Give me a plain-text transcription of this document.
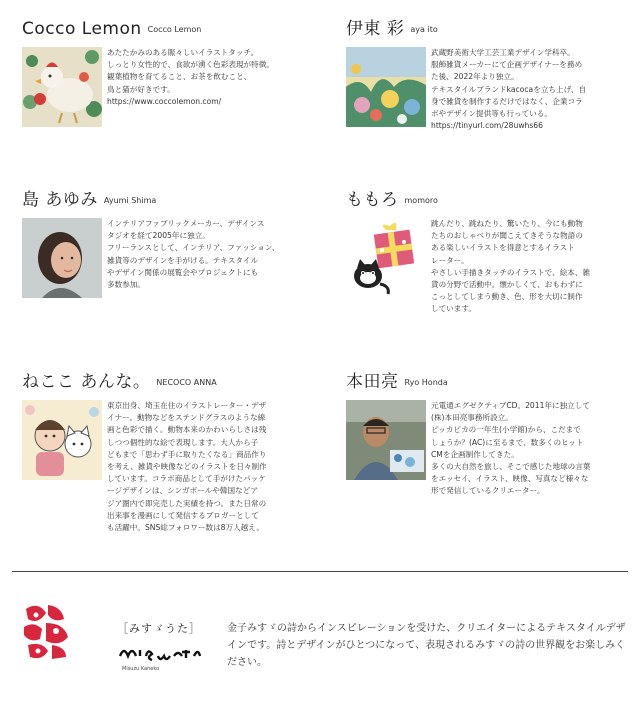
Cocco Lemon Cocco Lemon

あたたかみのある賑々しいイラストタッチ。

しっとり女性的で、食欲が湧く色彩表現が特徴。

観葉植物を育てること、お茶を飲むこと、

鳥と猫が好きです。

https://www.coccolemon.com/

伊東 彩 aya ito

武蔵野美術大学工芸工業デザイン学科卒。

服飾雑貨メーカーにて企画デザイナーを務め

た後、2022年より独立。

テキスタイルブランドkacocaを立ち上げ、自

身で雑貨を制作するだけではなく、企業コラ

ボやデザイン提供等も行っている。

https://tinyurl.com/28uwhs66

島 あゆみ Ayumi Shima

インテリアファブリックメーカー、デザインス

タジオを経て2005年に独立。

フリーランスとして、インテリア、ファッション、

雑貨等のデザインを手がける。テキスタイル

やデザイン関係の展覧会やプロジェクトにも

多数参加。

ももろ momoro

跳んだり、跳ねたり、驚いたり、今にも動物

たちのおしゃべりが聞こえてきそうな物語の

ある楽しいイラストを得意とするイラスト

レーター。

やさしい手描きタッチのイラストで、絵本、雑

貨の分野で活動中。懐かしくて、おもわずに

こっとしてしまう動き、色、形を大切に制作

しています。

ねここ あんな。 NECOCO ANNA

東京出身、埼玉在住のイラストレーター・デザ

イナー。動物などをステンドグラスのような線

画と色彩で描く。動物本来のかわいらしさは残

しつつ個性的な絵で表現します。大人から子

どもまで「思わず手に取りたくなる」商品作り

を考え、雑貨や映像などのイラストを日々制作

しています。コラボ商品として手がけたパッケ

ージデザインは、シンガポールや韓国などア

ジア圏内で即完売した実績を持つ。また日常の

出来事を漫画にして発信するブロガーとして

も活躍中。SNS総フォロワー数は8万人越え。

本田亮 Ryo Honda

元電通エグゼクティブCD。2011年に独立して

(株)本田亮事務所設立。

ピッカピカの一年生(小学館)から、こだまで

しょうか？(AC)に至るまで、数多くのヒット

CMを企画制作してきた。

多くの大自然を旅し、そこで感じた地球の言葉

をエッセイ、イラスト、映像、写真など様々な

形で発信しているクリエーター。

［みすゞうた］
Misuzu Kaneko
金子みすゞの詩からインスピレーションを受けた、クリエイターによるテキスタイルデザインです。詩とデザインがひとつになって、表現されるみすゞの詩の世界観をお楽しみください。
